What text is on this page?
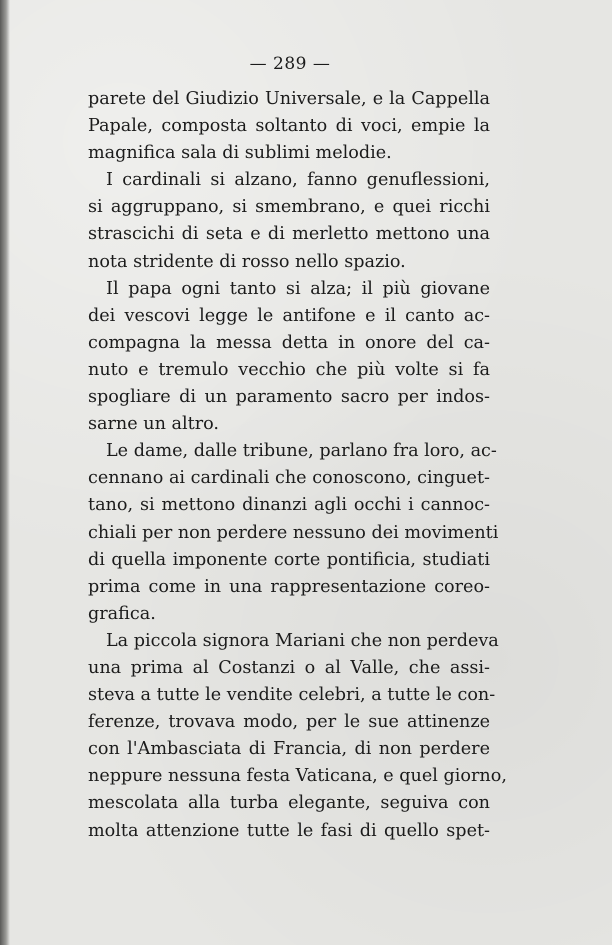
— 289 —
parete del Giudizio Universale, e la Cappella
Papale, composta soltanto di voci, empie la
magnifica sala di sublimi melodie.
I cardinali si alzano, fanno genuflessioni,
si aggruppano, si smembrano, e quei ricchi
strascichi di seta e di merletto mettono una
nota stridente di rosso nello spazio.
Il papa ogni tanto si alza; il più giovane
dei vescovi legge le antifone e il canto ac-
compagna la messa detta in onore del ca-
nuto e tremulo vecchio che più volte si fa
spogliare di un paramento sacro per indos-
sarne un altro.
Le dame, dalle tribune, parlano fra loro, ac-
cennano ai cardinali che conoscono, cinguet-
tano, si mettono dinanzi agli occhi i cannoc-
chiali per non perdere nessuno dei movimenti
di quella imponente corte pontificia, studiati
prima come in una rappresentazione coreo-
grafica.
La piccola signora Mariani che non perdeva
una prima al Costanzi o al Valle, che assi-
steva a tutte le vendite celebri, a tutte le con-
ferenze, trovava modo, per le sue attinenze
con l'Ambasciata di Francia, di non perdere
neppure nessuna festa Vaticana, e quel giorno,
mescolata alla turba elegante, seguiva con
molta attenzione tutte le fasi di quello spet-
